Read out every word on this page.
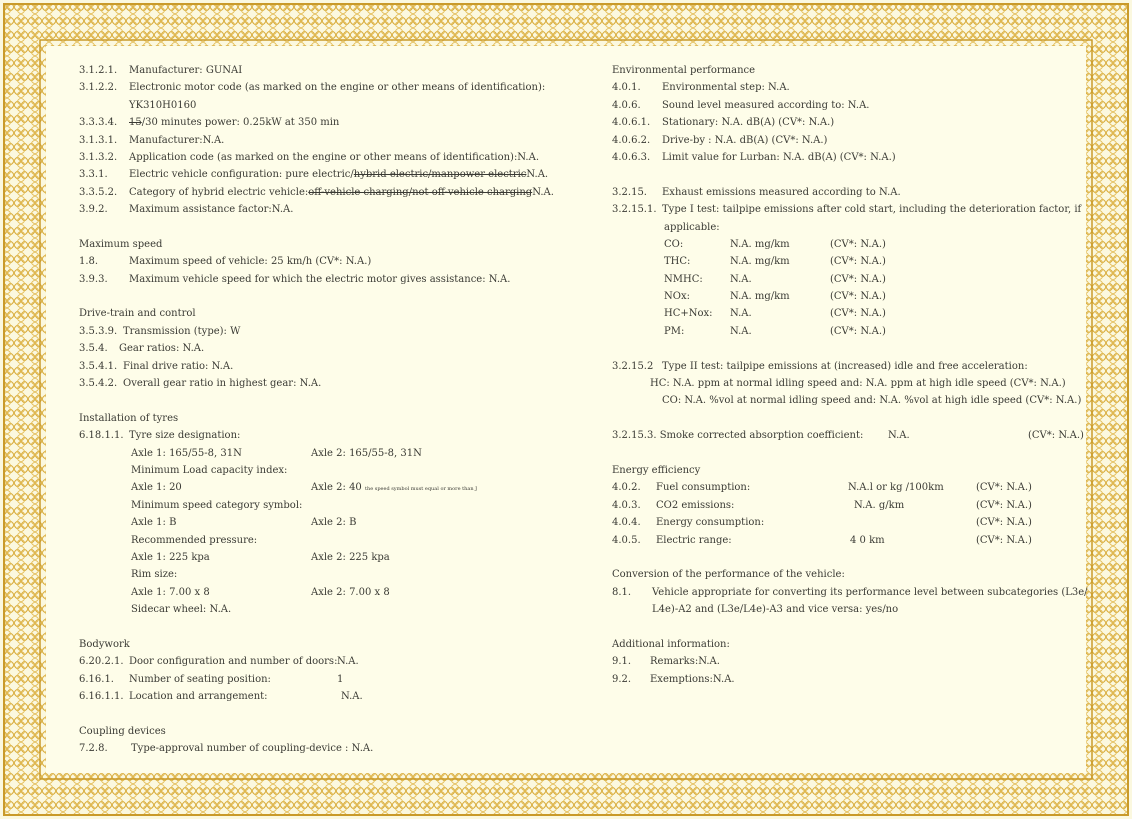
3.1.2.1. Manufacturer: GUNAI
3.1.2.2. Electronic motor code (as marked on the engine or other means of identification):
YK310H0160
3.3.3.4. 15/30 minutes power: 0.25kW at 350 min
3.1.3.1. Manufacturer:N.A.
3.1.3.2. Application code (as marked on the engine or other means of identification):N.A.
3.3.1. Electric vehicle configuration: pure electric/hybrid electric/manpower electricN.A.
3.3.5.2. Category of hybrid electric vehicle:off-vehicle charging/not off-vehicle chargingN.A.
3.9.2. Maximum assistance factor:N.A.
Maximum speed
1.8.	Maximum speed of vehicle: 25 km/h (CV*: N.A.)
3.9.3. Maximum vehicle speed for which the electric motor gives assistance: N.A.
Drive-train and control
3.5.3.9. Transmission (type): W
3.5.4. Gear ratios: N.A.
3.5.4.1. Final drive ratio: N.A.
3.5.4.2. Overall gear ratio in highest gear: N.A.
Installation of tyres
6.18.1.1. Tyre size designation:
Axle 1: 165/55-8, 31N	Axle 2: 165/55-8, 31N
Minimum Load capacity index:
Axle 1: 20	Axle 2: 40 the speed symbol must equal or more than J
Minimum speed category symbol:
Axle 1: B	Axle 2: B
Recommended pressure:
Axle 1: 225 kpa	Axle 2: 225 kpa
Rim size:
Axle 1: 7.00 x 8	Axle 2: 7.00 x 8
Sidecar wheel: N.A.
Bodywork
6.20.2.1. Door configuration and number of doors: N.A.
6.16.1. Number of seating position:	1
6.16.1.1. Location and arrangement:	N.A.
Coupling devices
7.2.8. Type-approval number of coupling-device : N.A.
Environmental performance
4.0.1. Environmental step: N.A.
4.0.6. Sound level measured according to: N.A.
4.0.6.1. Stationary: N.A. dB(A) (CV*: N.A.)
4.0.6.2. Drive-by : N.A. dB(A) (CV*: N.A.)
4.0.6.3. Limit value for Lurban: N.A. dB(A) (CV*: N.A.)
3.2.15. Exhaust emissions measured according to N.A.
3.2.15.1. Type I test: tailpipe emissions after cold start, including the deterioration factor, if
applicable:
CO:	N.A. mg/km	(CV*: N.A.)
THC:	N.A. mg/km	(CV*: N.A.)
NMHC:	N.A.	(CV*: N.A.)
NOx:	N.A. mg/km	(CV*: N.A.)
HC+Nox: N.A.	(CV*: N.A.)
PM:	N.A.	(CV*: N.A.)
3.2.15.2 Type II test: tailpipe emissions at (increased) idle and free acceleration:
HC: N.A. ppm at normal idling speed and: N.A. ppm at high idle speed (CV*: N.A.)
CO: N.A. %vol at normal idling speed and: N.A. %vol at high idle speed (CV*: N.A.)
3.2.15.3. Smoke corrected absorption coefficient: N.A.	(CV*: N.A.)
Energy efficiency
4.0.2. Fuel consumption:	N.A.l or kg /100km	(CV*: N.A.)
4.0.3. CO2 emissions:	N.A. g/km	(CV*: N.A.)
4.0.4. Energy consumption:	(CV*: N.A.)
4.0.5. Electric range:	4 0 km	(CV*: N.A.)
Conversion of the performance of the vehicle:
8.1. Vehicle appropriate for converting its performance level between subcategories (L3e/
L4e)-A2 and (L3e/L4e)-A3 and vice versa: yes/no
Additional information:
9.1. Remarks:N.A.
9.2. Exemptions:N.A.
